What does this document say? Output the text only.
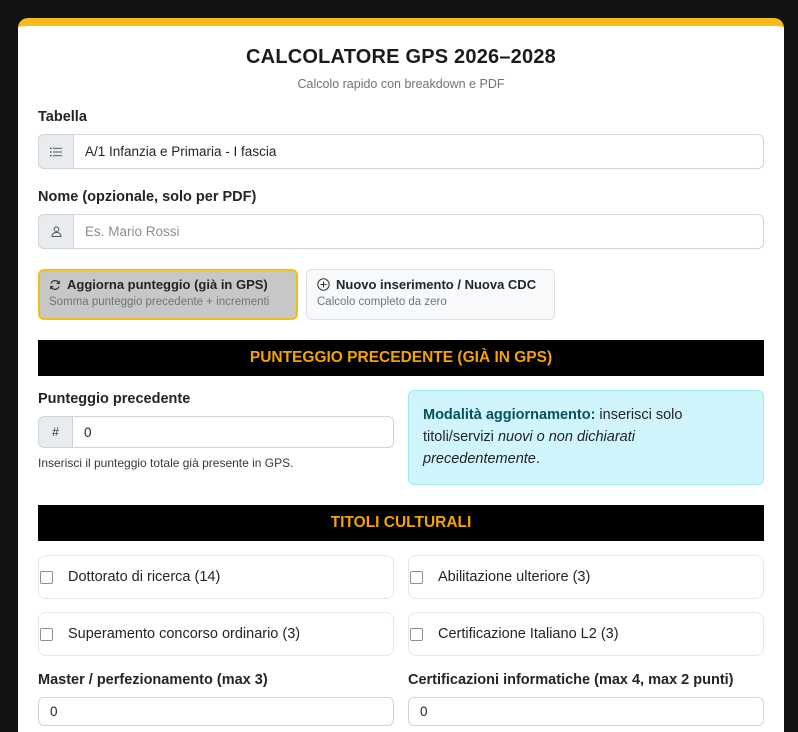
CALCOLATORE GPS 2026–2028
Calcolo rapido con breakdown e PDF
Tabella
A/1 Infanzia e Primaria - I fascia
Nome (opzionale, solo per PDF)
Es. Mario Rossi
Aggiorna punteggio (già in GPS)
Somma punteggio precedente + incrementi
Nuovo inserimento / Nuova CDC
Calcolo completo da zero
PUNTEGGIO PRECEDENTE (GIÀ IN GPS)
Punteggio precedente
#	0
Inserisci il punteggio totale già presente in GPS.
Modalità aggiornamento: inserisci solo titoli/servizi nuovi o non dichiarati precedentemente.
TITOLI CULTURALI
Dottorato di ricerca (14)	Abilitazione ulteriore (3)
Superamento concorso ordinario (3)	Certificazione Italiano L2 (3)
Master / perfezionamento (max 3)
0
Certificazioni informatiche (max 4, max 2 punti)
0
